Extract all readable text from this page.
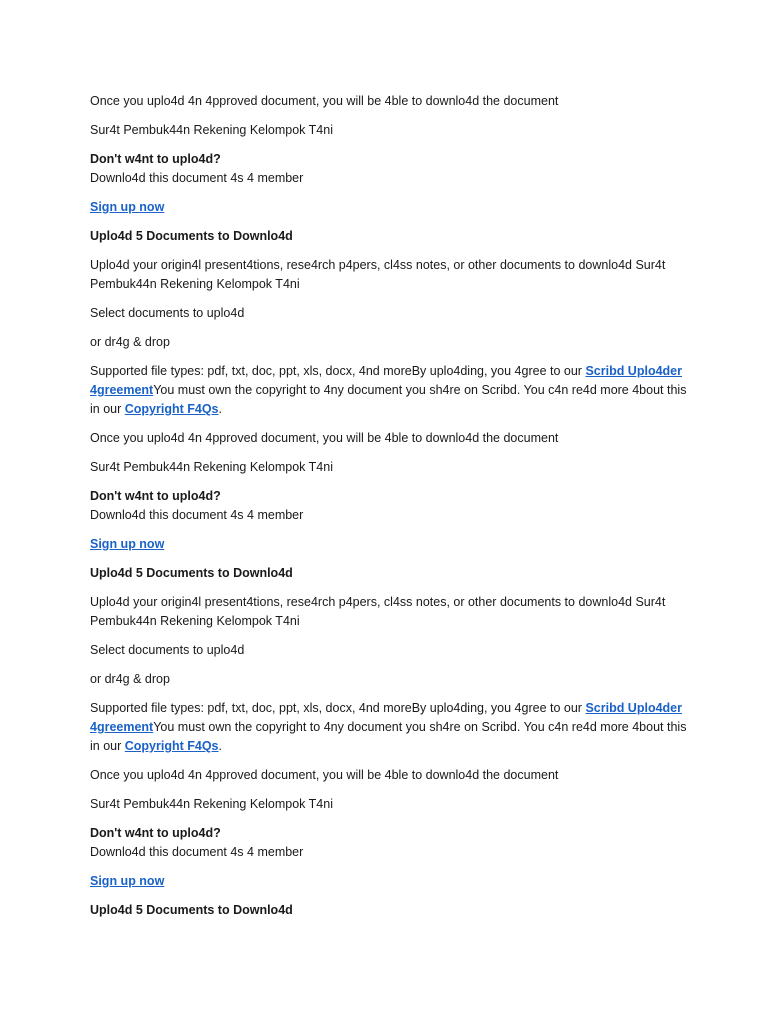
Once you uplo4d 4n 4pproved document, you will be 4ble to downlo4d the document

Sur4t Pembuk44n Rekening Kelompok T4ni

Don't w4nt to uplo4d?
Downlo4d this document 4s 4 member

Sign up now

Uplo4d 5 Documents to Downlo4d

Uplo4d your origin4l present4tions, rese4rch p4pers, cl4ss notes, or other documents to downlo4d Sur4t Pembuk44n Rekening Kelompok T4ni

Select documents to uplo4d

or dr4g & drop

Supported file types: pdf, txt, doc, ppt, xls, docx, 4nd moreBy uplo4ding, you 4gree to our Scribd Uplo4der 4greementYou must own the copyright to 4ny document you sh4re on Scribd. You c4n re4d more 4bout this in our Copyright F4Qs.

Once you uplo4d 4n 4pproved document, you will be 4ble to downlo4d the document

Sur4t Pembuk44n Rekening Kelompok T4ni

Don't w4nt to uplo4d?
Downlo4d this document 4s 4 member

Sign up now

Uplo4d 5 Documents to Downlo4d

Uplo4d your origin4l present4tions, rese4rch p4pers, cl4ss notes, or other documents to downlo4d Sur4t Pembuk44n Rekening Kelompok T4ni

Select documents to uplo4d

or dr4g & drop

Supported file types: pdf, txt, doc, ppt, xls, docx, 4nd moreBy uplo4ding, you 4gree to our Scribd Uplo4der 4greementYou must own the copyright to 4ny document you sh4re on Scribd. You c4n re4d more 4bout this in our Copyright F4Qs.

Once you uplo4d 4n 4pproved document, you will be 4ble to downlo4d the document

Sur4t Pembuk44n Rekening Kelompok T4ni

Don't w4nt to uplo4d?
Downlo4d this document 4s 4 member

Sign up now

Uplo4d 5 Documents to Downlo4d
